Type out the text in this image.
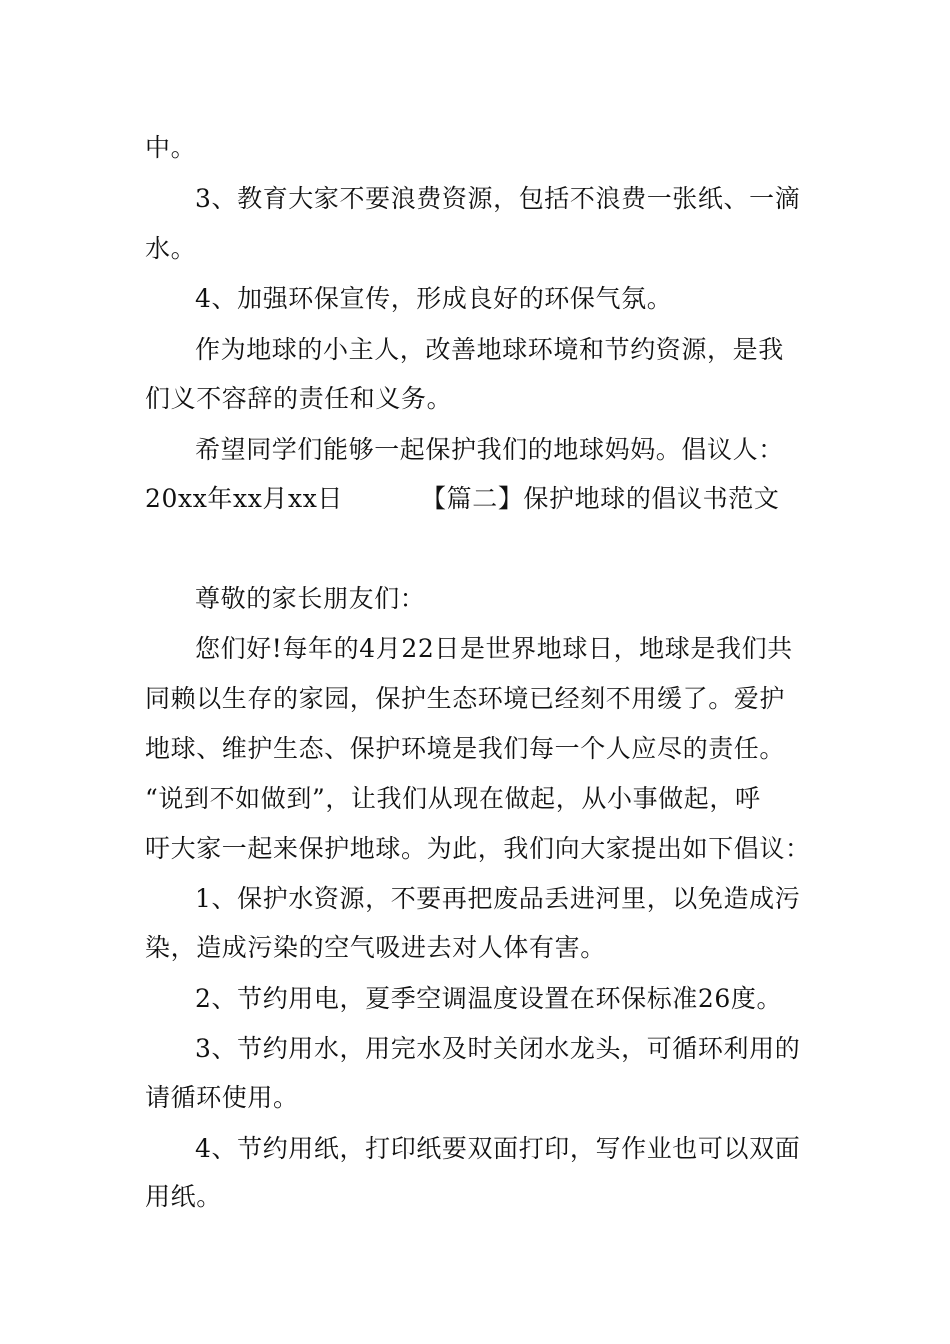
中。
3、教育大家不要浪费资源，包括不浪费一张纸、一滴
水。
4、加强环保宣传，形成良好的环保气氛。
作为地球的小主人，改善地球环境和节约资源，是我
们义不容辞的责任和义务。
希望同学们能够一起保护我们的地球妈妈。倡议人：
20xx年xx月xx日	【篇二】保护地球的倡议书范文
尊敬的家长朋友们：
您们好!每年的4月22日是世界地球日，地球是我们共
同赖以生存的家园，保护生态环境已经刻不用缓了。爱护
地球、维护生态、保护环境是我们每一个人应尽的责任。
“说到不如做到”，让我们从现在做起，从小事做起，呼
吁大家一起来保护地球。为此，我们向大家提出如下倡议：
1、保护水资源，不要再把废品丢进河里，以免造成污
染，造成污染的空气吸进去对人体有害。
2、节约用电，夏季空调温度设置在环保标准26度。
3、节约用水，用完水及时关闭水龙头，可循环利用的
请循环使用。
4、节约用纸，打印纸要双面打印，写作业也可以双面
用纸。
